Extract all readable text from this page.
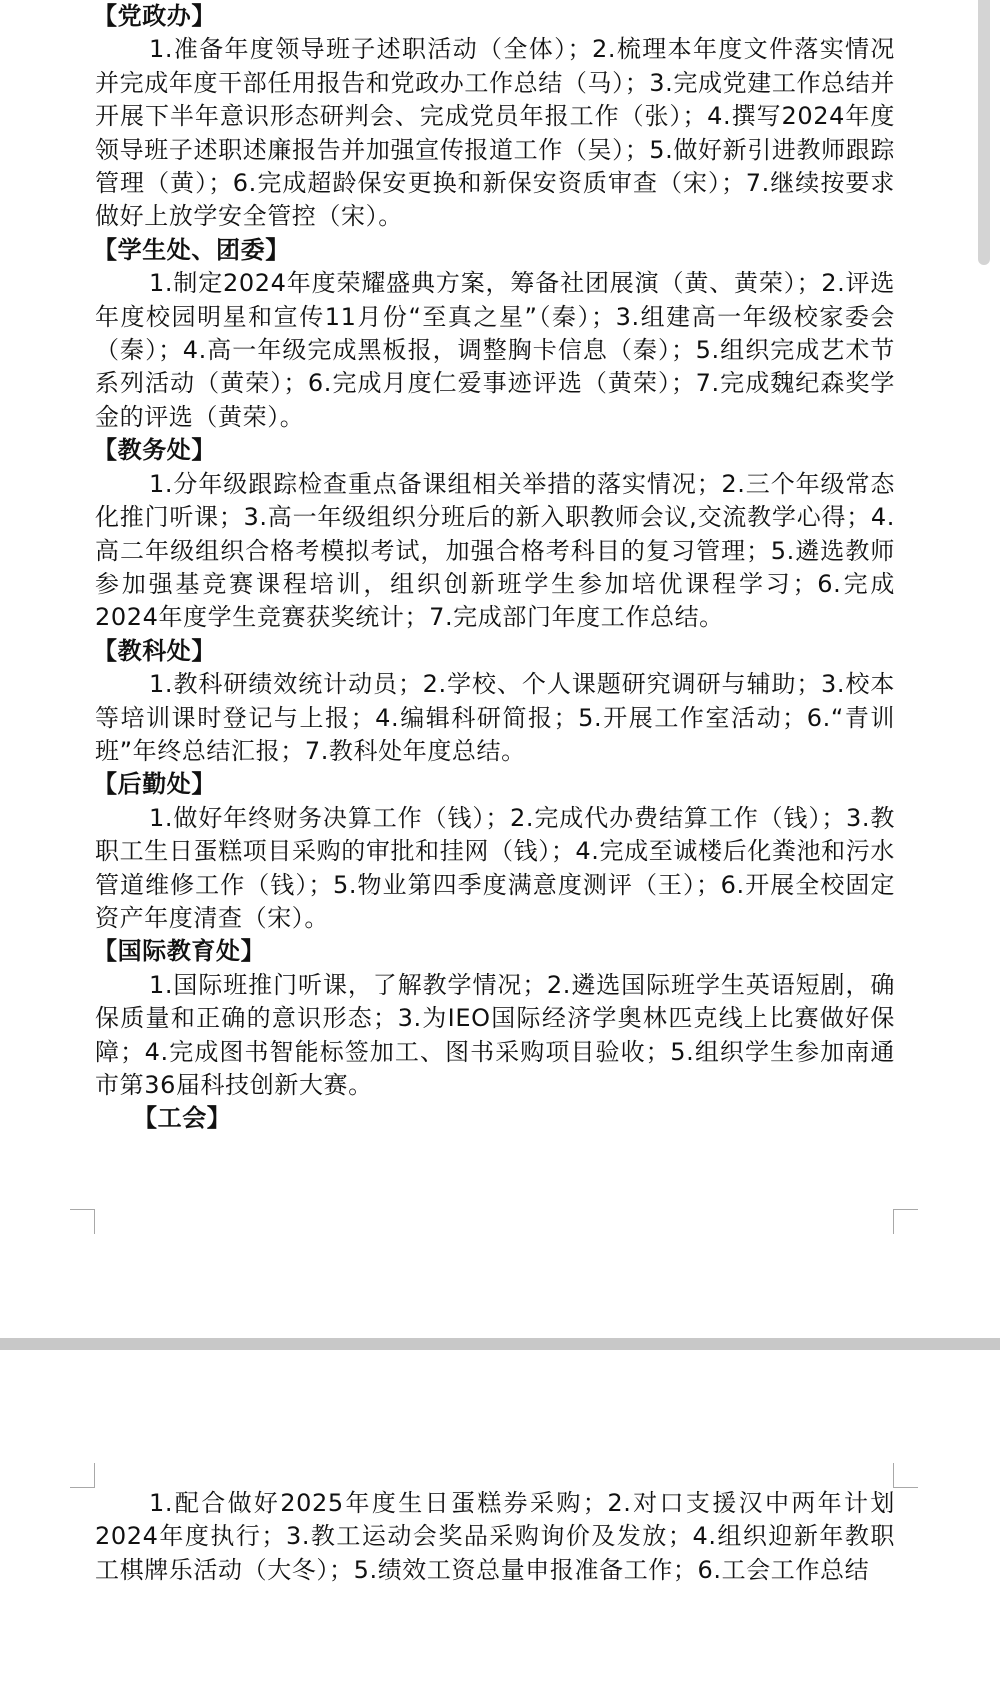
【党政办】
1.准备年度领导班子述职活动（全体）；2.梳理本年度文件落实情况并完成年度干部任用报告和党政办工作总结（马）；3.完成党建工作总结并开展下半年意识形态研判会、完成党员年报工作（张）；4.撰写2024年度领导班子述职述廉报告并加强宣传报道工作（吴）；5.做好新引进教师跟踪管理（黄）；6.完成超龄保安更换和新保安资质审查（宋）；7.继续按要求做好上放学安全管控（宋）。
【学生处、团委】
1.制定2024年度荣耀盛典方案，筹备社团展演（黄、黄荣）；2.评选年度校园明星和宣传11月份“至真之星”（秦）；3.组建高一年级校家委会（秦）；4.高一年级完成黑板报，调整胸卡信息（秦）；5.组织完成艺术节系列活动（黄荣）；6.完成月度仁爱事迹评选（黄荣）；7.完成魏纪森奖学金的评选（黄荣）。
【教务处】
1.分年级跟踪检查重点备课组相关举措的落实情况；2.三个年级常态化推门听课；3.高一年级组织分班后的新入职教师会议,交流教学心得；4.高二年级组织合格考模拟考试，加强合格考科目的复习管理；5.遴选教师参加强基竞赛课程培训，组织创新班学生参加培优课程学习；6.完成2024年度学生竞赛获奖统计；7.完成部门年度工作总结。
【教科处】
1.教科研绩效统计动员；2.学校、个人课题研究调研与辅助；3.校本等培训课时登记与上报；4.编辑科研简报；5.开展工作室活动；6.“青训班”年终总结汇报；7.教科处年度总结。
【后勤处】
1.做好年终财务决算工作（钱）；2.完成代办费结算工作（钱）；3.教职工生日蛋糕项目采购的审批和挂网（钱）；4.完成至诚楼后化粪池和污水管道维修工作（钱）；5.物业第四季度满意度测评（王）；6.开展全校固定资产年度清查（宋）。
【国际教育处】
1.国际班推门听课，了解教学情况；2.遴选国际班学生英语短剧，确保质量和正确的意识形态；3.为IEO国际经济学奥林匹克线上比赛做好保障；4.完成图书智能标签加工、图书采购项目验收；5.组织学生参加南通市第36届科技创新大赛。
【工会】
1.配合做好2025年度生日蛋糕券采购；2.对口支援汉中两年计划2024年度执行；3.教工运动会奖品采购询价及发放；4.组织迎新年教职工棋牌乐活动（大冬）；5.绩效工资总量申报准备工作；6.工会工作总结
